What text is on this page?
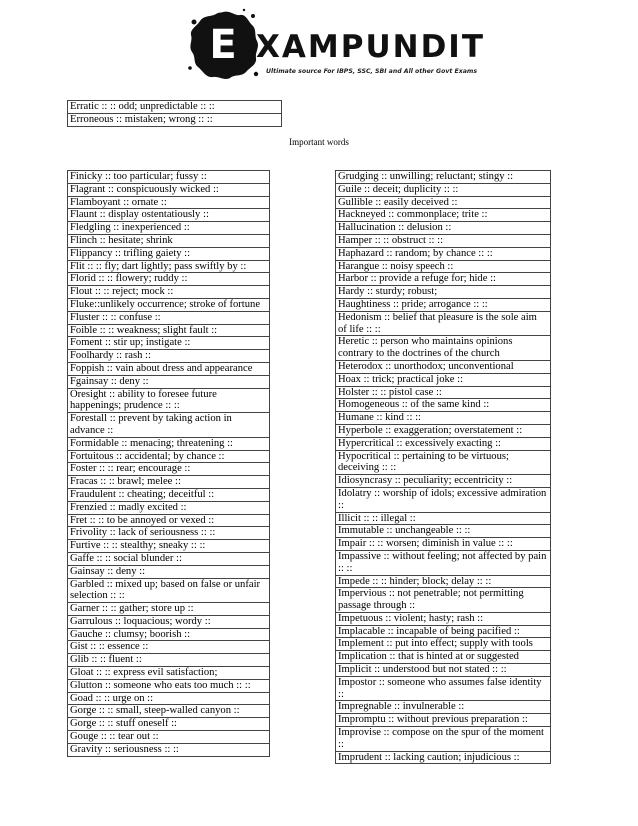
E XAMPUNDIT
Ultimate source For IBPS, SSC, SBI and All other Govt Exams
Erratic :: :: odd; unpredictable :: ::
Erroneous :: mistaken; wrong :: ::
Important words
Finicky :: too particular; fussy ::
Flagrant :: conspicuously wicked ::
Flamboyant :: ornate ::
Flaunt :: display ostentatiously ::
Fledgling :: inexperienced ::
Flinch :: hesitate; shrink
Flippancy :: trifling gaiety ::
Flit :: :: fly; dart lightly; pass swiftly by ::
Florid :: :: flowery; ruddy ::
Flout :: :: reject; mock ::
Fluke::unlikely occurrence; stroke of fortune
Fluster :: :: confuse ::
Foible :: :: weakness; slight fault ::
Foment :: stir up; instigate ::
Foolhardy :: rash ::
Foppish :: vain about dress and appearance
Fgainsay :: deny ::
Oresight :: ability to foresee future happenings; prudence :: ::
Forestall :: prevent by taking action in advance ::
Formidable :: menacing; threatening ::
Fortuitous :: accidental; by chance ::
Foster :: :: rear; encourage ::
Fracas :: :: brawl; melee ::
Fraudulent :: cheating; deceitful ::
Frenzied :: madly excited ::
Fret :: :: to be annoyed or vexed ::
Frivolity :: lack of seriousness :: ::
Furtive :: :: stealthy; sneaky :: ::
Gaffe :: :: social blunder ::
Gainsay :: deny ::
Garbled :: mixed up; based on false or unfair selection :: ::
Garner :: :: gather; store up ::
Garrulous :: loquacious; wordy ::
Gauche :: clumsy; boorish ::
Gist :: :: essence ::
Glib :: :: fluent ::
Gloat :: :: express evil satisfaction;
Glutton :: someone who eats too much :: ::
Goad :: :: urge on ::
Gorge :: :: small, steep-walled canyon ::
Gorge :: :: stuff oneself ::
Gouge :: :: tear out ::
Gravity :: seriousness :: ::
Grudging :: unwilling; reluctant; stingy ::
Guile :: deceit; duplicity :: ::
Gullible :: easily deceived ::
Hackneyed :: commonplace; trite ::
Hallucination :: delusion ::
Hamper :: :: obstruct :: ::
Haphazard :: random; by chance :: ::
Harangue :: noisy speech ::
Harbor :: provide a refuge for; hide ::
Hardy :: sturdy; robust;
Haughtiness :: pride; arrogance :: ::
Hedonism :: belief that pleasure is the sole aim of life :: ::
Heretic :: person who maintains opinions contrary to the doctrines of the church
Heterodox :: unorthodox; unconventional
Hoax :: trick; practical joke ::
Holster :: :: pistol case ::
Homogeneous :: of the same kind ::
Humane :: kind :: ::
Hyperbole :: exaggeration; overstatement ::
Hypercritical :: excessively exacting ::
Hypocritical :: pertaining to be virtuous; deceiving :: ::
Idiosyncrasy :: peculiarity; eccentricity ::
Idolatry :: worship of idols; excessive admiration ::
Illicit :: :: illegal ::
Immutable :: unchangeable :: ::
Impair :: :: worsen; diminish in value :: ::
Impassive :: without feeling; not affected by pain :: ::
Impede :: :: hinder; block; delay :: ::
Impervious :: not penetrable; not permitting passage through ::
Impetuous :: violent; hasty; rash ::
Implacable :: incapable of being pacified ::
Implement :: put into effect; supply with tools
Implication :: that is hinted at or suggested
Implicit :: understood but not stated :: ::
Impostor :: someone who assumes false identity ::
Impregnable :: invulnerable ::
Impromptu :: without previous preparation ::
Improvise :: compose on the spur of the moment ::
Imprudent :: lacking caution; injudicious ::
